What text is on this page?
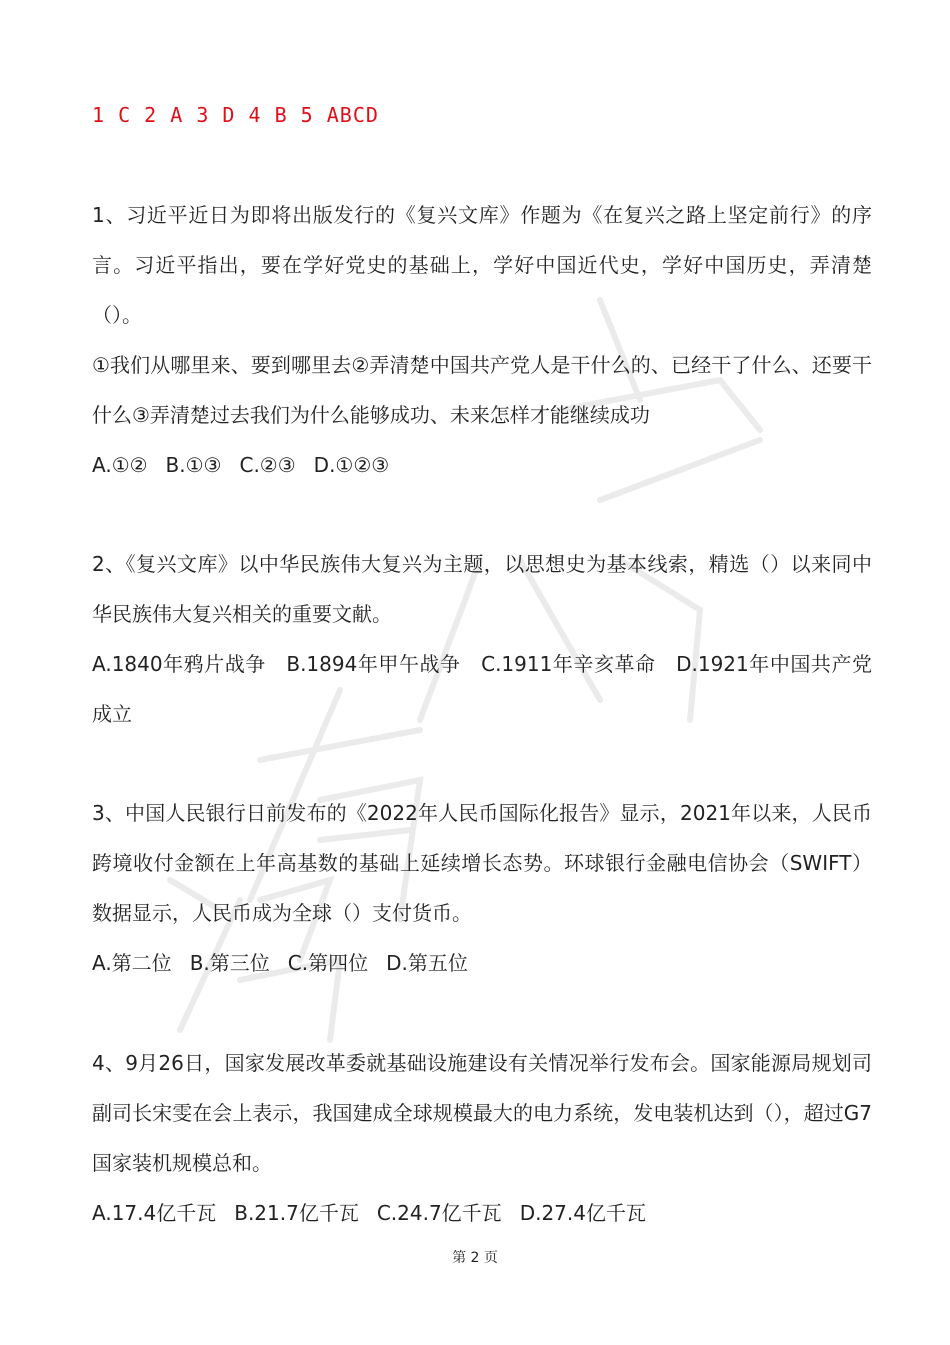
1 C 2 A 3 D 4 B 5 ABCD

1、习近平近日为即将出版发行的《复兴文库》作题为《在复兴之路上坚定前行》的序言。习近平指出，要在学好党史的基础上，学好中国近代史，学好中国历史，弄清楚（）。

①我们从哪里来、要到哪里去②弄清楚中国共产党人是干什么的、已经干了什么、还要干什么③弄清楚过去我们为什么能够成功、未来怎样才能继续成功

A.①② B.①③ C.②③ D.①②③

2、《复兴文库》以中华民族伟大复兴为主题，以思想史为基本线索，精选（）以来同中华民族伟大复兴相关的重要文献。

A.1840年鸦片战争　B.1894年甲午战争　C.1911年辛亥革命　D.1921年中国共产党成立

3、中国人民银行日前发布的《2022年人民币国际化报告》显示，2021年以来，人民币跨境收付金额在上年高基数的基础上延续增长态势。环球银行金融电信协会（SWIFT）数据显示，人民币成为全球（）支付货币。

A.第二位 B.第三位 C.第四位 D.第五位

4、9月26日，国家发展改革委就基础设施建设有关情况举行发布会。国家能源局规划司副司长宋雯在会上表示，我国建成全球规模最大的电力系统，发电装机达到（），超过G7国家装机规模总和。

A.17.4亿千瓦 B.21.7亿千瓦 C.24.7亿千瓦 D.27.4亿千瓦

第 2 页
